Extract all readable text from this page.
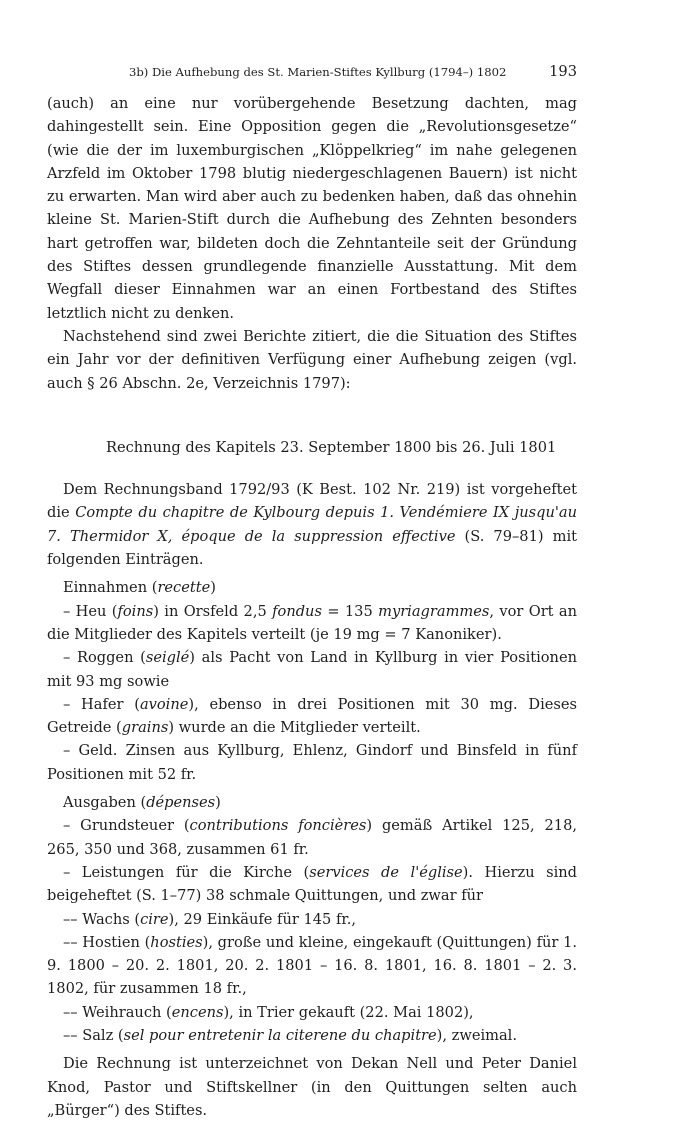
3b) Die Aufhebung des St. Marien-Stiftes Kyllburg (1794–) 1802	193

(auch) an eine nur vorübergehende Besetzung dachten, mag dahingestellt sein. Eine Opposition gegen die „Revolutionsgesetze“ (wie die der im luxemburgischen „Klöppelkrieg“ im nahe gelegenen Arzfeld im Oktober 1798 blutig niedergeschlagenen Bauern) ist nicht zu erwarten. Man wird aber auch zu bedenken haben, daß das ohnehin kleine St. Marien-Stift durch die Aufhebung des Zehnten besonders hart getroffen war, bildeten doch die Zehntanteile seit der Gründung des Stiftes dessen grundlegende finanzielle Ausstattung. Mit dem Wegfall dieser Einnahmen war an einen Fortbestand des Stiftes letztlich nicht zu denken.

Nachstehend sind zwei Berichte zitiert, die die Situation des Stiftes ein Jahr vor der definitiven Verfügung einer Aufhebung zeigen (vgl. auch § 26 Abschn. 2e, Verzeichnis 1797):

Rechnung des Kapitels 23. September 1800 bis 26. Juli 1801

Dem Rechnungsband 1792/93 (K Best. 102 Nr. 219) ist vorgeheftet die Compte du chapitre de Kylbourg depuis 1. Vendémiere IX jusqu'au 7. Thermidor X, époque de la suppression effective (S. 79–81) mit folgenden Einträgen.

Einnahmen (recette)

– Heu (foins) in Orsfeld 2,5 fondus = 135 myriagrammes, vor Ort an die Mitglieder des Kapitels verteilt (je 19 mg = 7 Kanoniker).

– Roggen (seiglé) als Pacht von Land in Kyllburg in vier Positionen mit 93 mg sowie

– Hafer (avoine), ebenso in drei Positionen mit 30 mg. Dieses Getreide (grains) wurde an die Mitglieder verteilt.

– Geld. Zinsen aus Kyllburg, Ehlenz, Gindorf und Binsfeld in fünf Positionen mit 52 fr.

Ausgaben (dépenses)

– Grundsteuer (contributions foncières) gemäß Artikel 125, 218, 265, 350 und 368, zusammen 61 fr.

– Leistungen für die Kirche (services de l'église). Hierzu sind beigeheftet (S. 1–77) 38 schmale Quittungen, und zwar für

–– Wachs (cire), 29 Einkäufe für 145 fr.,

–– Hostien (hosties), große und kleine, eingekauft (Quittungen) für 1. 9. 1800 – 20. 2. 1801, 20. 2. 1801 – 16. 8. 1801, 16. 8. 1801 – 2. 3. 1802, für zusammen 18 fr.,

–– Weihrauch (encens), in Trier gekauft (22. Mai 1802),

–– Salz (sel pour entretenir la citerene du chapitre), zweimal.

Die Rechnung ist unterzeichnet von Dekan Nell und Peter Daniel Knod, Pastor und Stiftskellner (in den Quittungen selten auch „Bürger“) des Stiftes.
